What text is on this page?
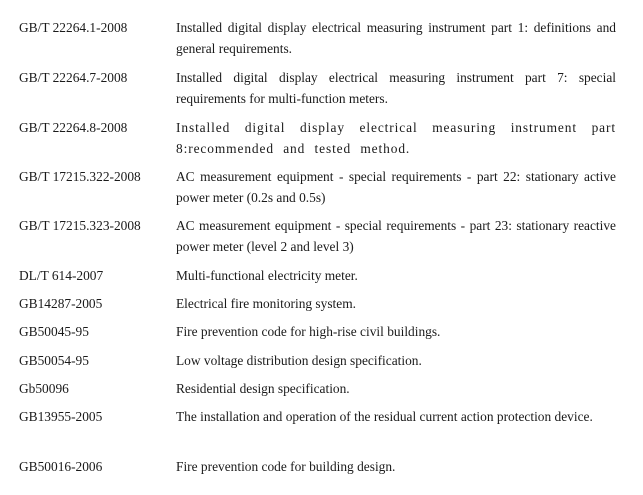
GB/T 22264.1-2008	Installed digital display electrical measuring instrument part 1: definitions and general requirements.
GB/T 22264.7-2008	Installed digital display electrical measuring instrument part 7: special requirements for multi-function meters.
GB/T 22264.8-2008	Installed digital display electrical measuring instrument part 8:recommended and tested method.
GB/T 17215.322-2008	AC measurement equipment - special requirements - part 22: stationary active power meter (0.2s and 0.5s)
GB/T 17215.323-2008	AC measurement equipment - special requirements - part 23: stationary reactive power meter (level 2 and level 3)
DL/T 614-2007	Multi-functional electricity meter.
GB14287-2005	Electrical fire monitoring system.
GB50045-95	Fire prevention code for high-rise civil buildings.
GB50054-95	Low voltage distribution design specification.
Gb50096	Residential design specification.
GB13955-2005	The installation and operation of the residual current action protection device.
GB50016-2006	Fire prevention code for building design.
